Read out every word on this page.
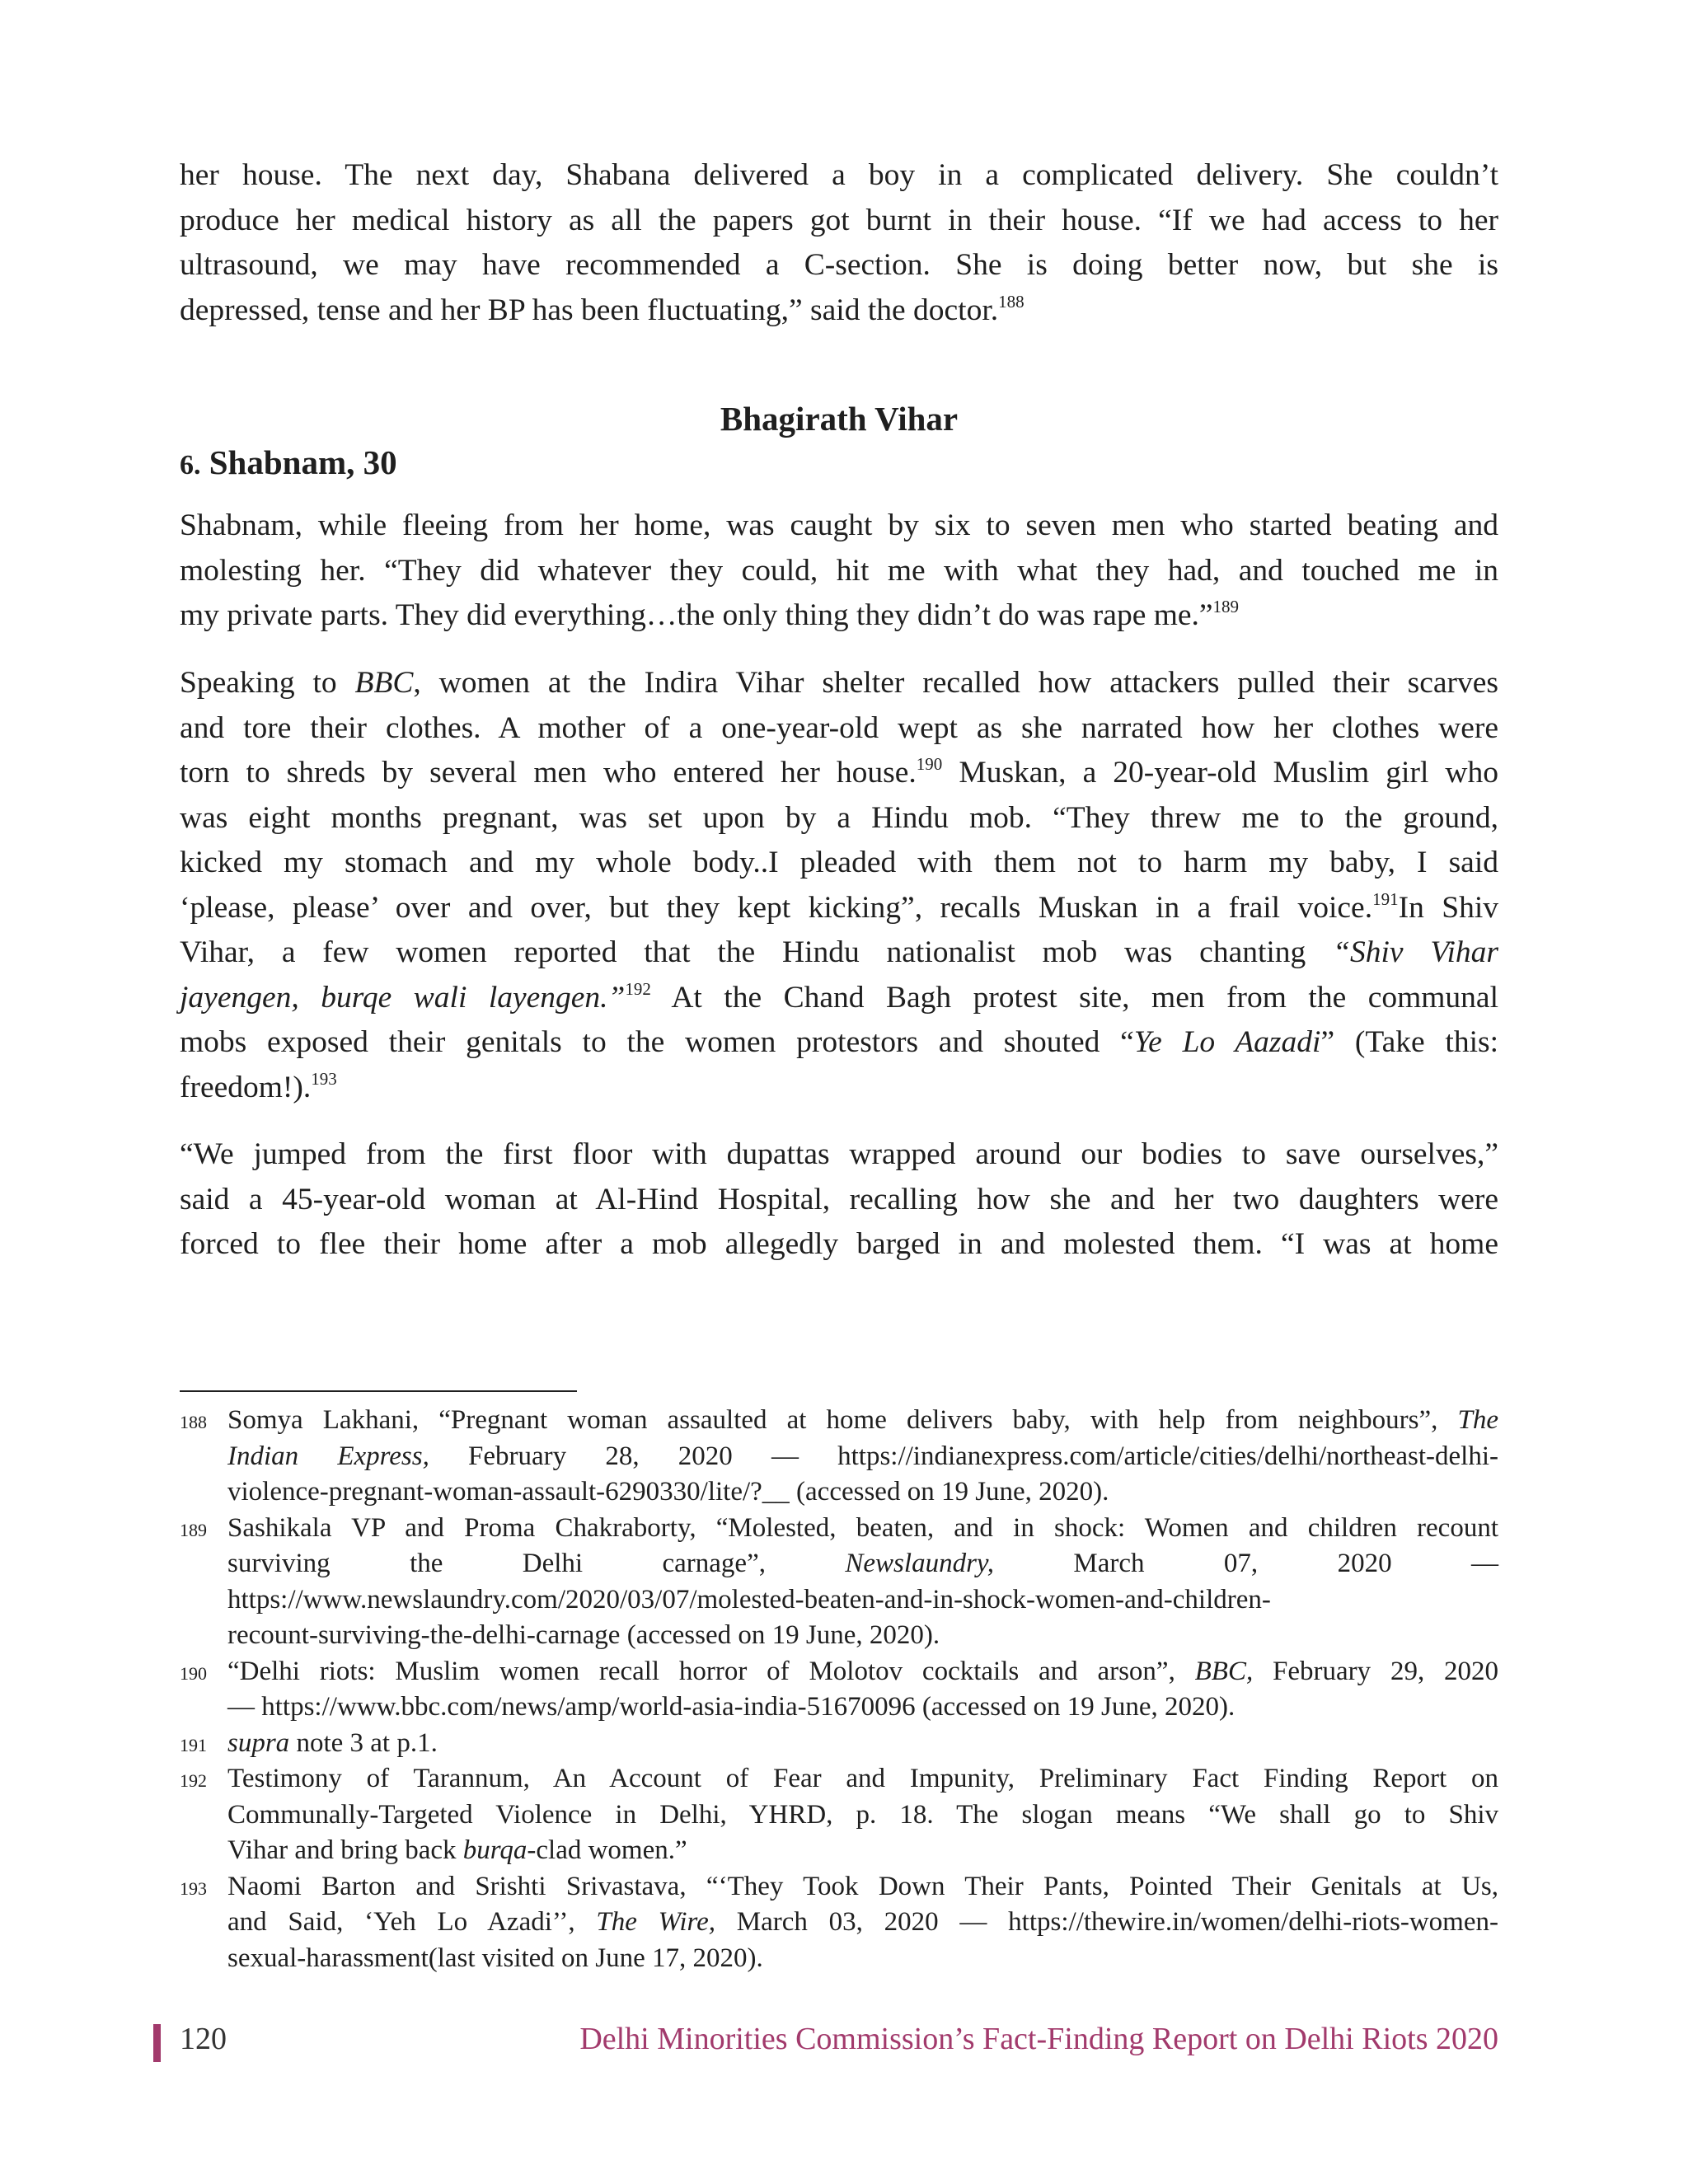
her house. The next day, Shabana delivered a boy in a complicated delivery. She couldn’t
produce her medical history as all the papers got burnt in their house. “If we had access to her
ultrasound, we may have recommended a C-section. She is doing better now, but she is
depressed, tense and her BP has been fluctuating,” said the doctor.$^{188}$

Bhagirath Vihar
6. Shabnam, 30

Shabnam, while fleeing from her home, was caught by six to seven men who started beating and
molesting her. “They did whatever they could, hit me with what they had, and touched me in
my private parts. They did everything…the only thing they didn’t do was rape me.”$^{189}$

Speaking to BBC, women at the Indira Vihar shelter recalled how attackers pulled their scarves
and tore their clothes. A mother of a one-year-old wept as she narrated how her clothes were
torn to shreds by several men who entered her house.$^{190}$ Muskan, a 20-year-old Muslim girl who
was eight months pregnant, was set upon by a Hindu mob. “They threw me to the ground,
kicked my stomach and my whole body..I pleaded with them not to harm my baby, I said
‘please, please’ over and over, but they kept kicking”, recalls Muskan in a frail voice.$^{191}$In Shiv
Vihar, a few women reported that the Hindu nationalist mob was chanting “Shiv Vihar
jayengen, burqe wali layengen.”$^{192}$ At the Chand Bagh protest site, men from the communal
mobs exposed their genitals to the women protestors and shouted “Ye Lo Aazadi” (Take this:
freedom!).$^{193}$

“We jumped from the first floor with dupattas wrapped around our bodies to save ourselves,”
said a 45-year-old woman at Al-Hind Hospital, recalling how she and her two daughters were
forced to flee their home after a mob allegedly barged in and molested them. “I was at home

188 Somya Lakhani, “Pregnant woman assaulted at home delivers baby, with help from neighbours”, The
Indian Express, February 28, 2020 — https://indianexpress.com/article/cities/delhi/northeast-delhi-
violence-pregnant-woman-assault-6290330/lite/?__ (accessed on 19 June, 2020).
189 Sashikala VP and Proma Chakraborty, “Molested, beaten, and in shock: Women and children recount
surviving the Delhi carnage”, Newslaundry, March 07, 2020 —
https://www.newslaundry.com/2020/03/07/molested-beaten-and-in-shock-women-and-children-
recount-surviving-the-delhi-carnage (accessed on 19 June, 2020).
190 “Delhi riots: Muslim women recall horror of Molotov cocktails and arson”, BBC, February 29, 2020
— https://www.bbc.com/news/amp/world-asia-india-51670096 (accessed on 19 June, 2020).
191 supra note 3 at p.1.
192 Testimony of Tarannum, An Account of Fear and Impunity, Preliminary Fact Finding Report on
Communally-Targeted Violence in Delhi, YHRD, p. 18. The slogan means “We shall go to Shiv
Vihar and bring back burqa-clad women.”
193 Naomi Barton and Srishti Srivastava, “‘They Took Down Their Pants, Pointed Their Genitals at Us,
and Said, ‘Yeh Lo Azadi’’, The Wire, March 03, 2020 — https://thewire.in/women/delhi-riots-women-
sexual-harassment(last visited on June 17, 2020).
120	Delhi Minorities Commission’s Fact-Finding Report on Delhi Riots 2020
